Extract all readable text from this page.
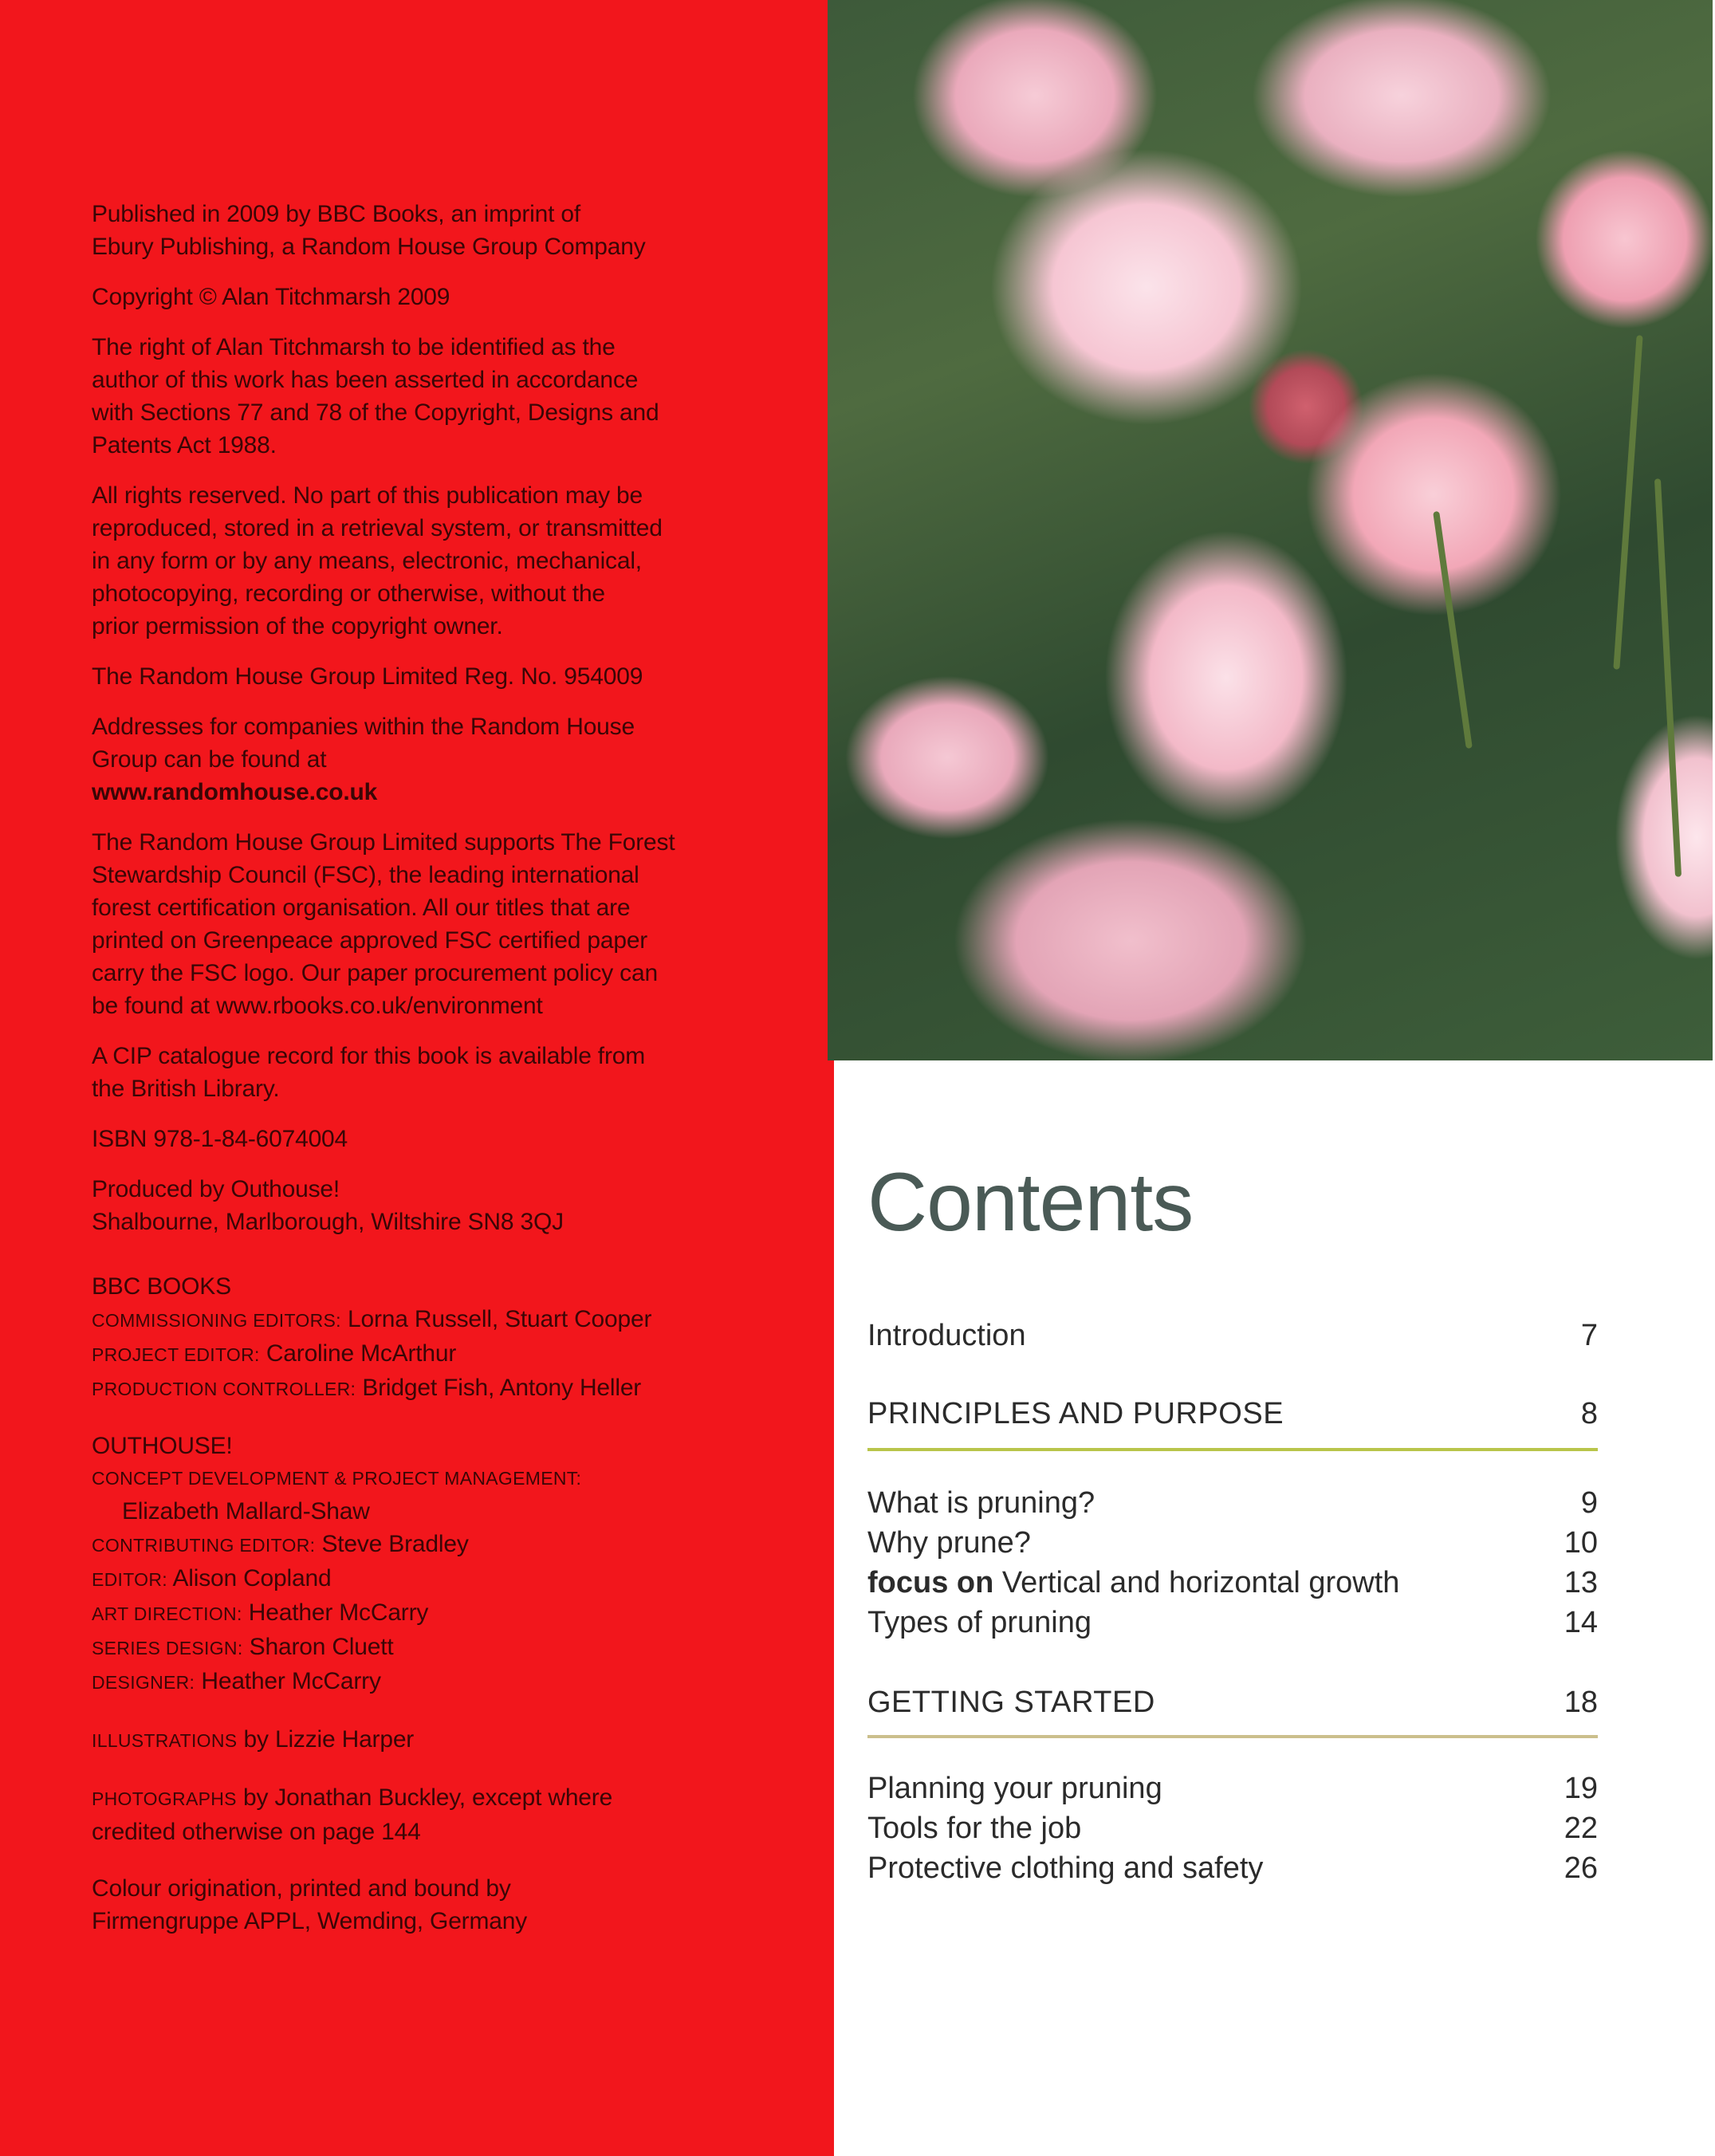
Published in 2009 by BBC Books, an imprint of
Ebury Publishing, a Random House Group Company

Copyright © Alan Titchmarsh 2009

The right of Alan Titchmarsh to be identified as the
author of this work has been asserted in accordance
with Sections 77 and 78 of the Copyright, Designs and
Patents Act 1988.

All rights reserved. No part of this publication may be
reproduced, stored in a retrieval system, or transmitted
in any form or by any means, electronic, mechanical,
photocopying, recording or otherwise, without the
prior permission of the copyright owner.

The Random House Group Limited Reg. No. 954009

Addresses for companies within the Random House
Group can be found at
www.randomhouse.co.uk

The Random House Group Limited supports The Forest
Stewardship Council (FSC), the leading international
forest certification organisation. All our titles that are
printed on Greenpeace approved FSC certified paper
carry the FSC logo. Our paper procurement policy can
be found at www.rbooks.co.uk/environment

A CIP catalogue record for this book is available from
the British Library.

ISBN 978-1-84-6074004

Produced by Outhouse!
Shalbourne, Marlborough, Wiltshire SN8 3QJ

BBC BOOKS
COMMISSIONING EDITORS: Lorna Russell, Stuart Cooper
PROJECT EDITOR: Caroline McArthur
PRODUCTION CONTROLLER: Bridget Fish, Antony Heller

OUTHOUSE!
CONCEPT DEVELOPMENT & PROJECT MANAGEMENT:
Elizabeth Mallard-Shaw
CONTRIBUTING EDITOR: Steve Bradley
EDITOR: Alison Copland
ART DIRECTION: Heather McCarry
SERIES DESIGN: Sharon Cluett
DESIGNER: Heather McCarry

ILLUSTRATIONS by Lizzie Harper

PHOTOGRAPHS by Jonathan Buckley, except where
credited otherwise on page 144

Colour origination, printed and bound by
Firmengruppe APPL, Wemding, Germany

Contents
Introduction	7
PRINCIPLES AND PURPOSE	8
What is pruning?	9
Why prune?	10
focus on Vertical and horizontal growth	13
Types of pruning	14
GETTING STARTED	18
Planning your pruning	19
Tools for the job	22
Protective clothing and safety	26
